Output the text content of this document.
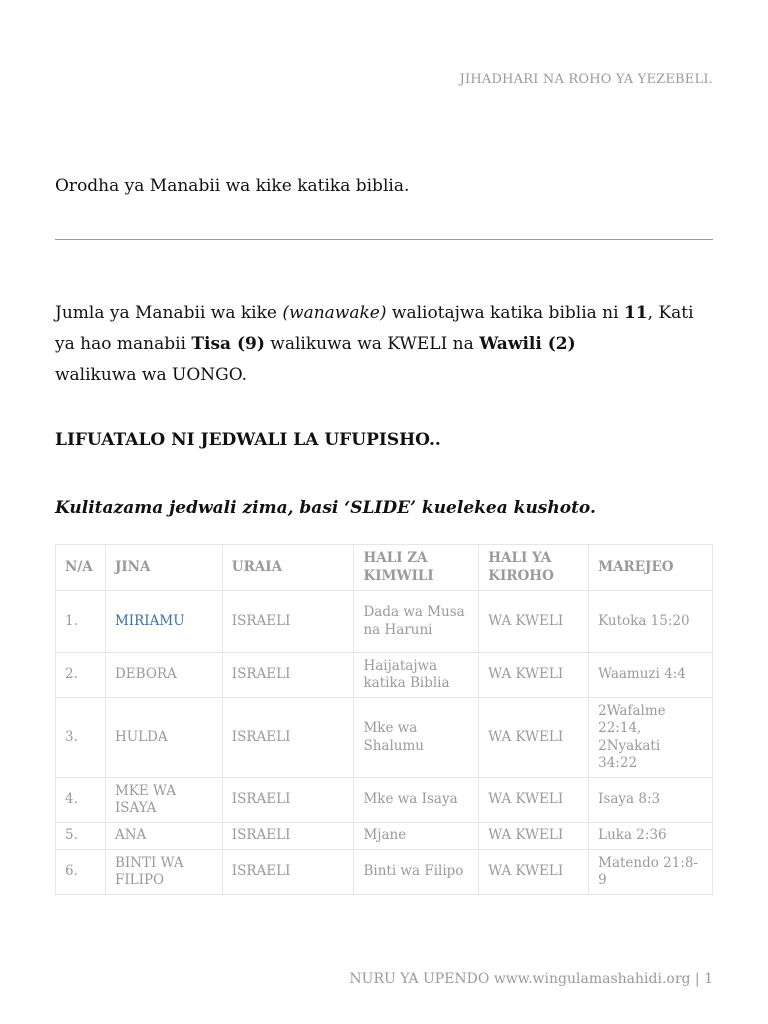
JIHADHARI NA ROHO YA YEZEBELI.
Orodha ya Manabii wa kike katika biblia.
Jumla ya Manabii wa kike (wanawake) waliotajwa katika biblia ni 11, Kati ya hao manabii Tisa (9) walikuwa wa KWELI na Wawili (2)
walikuwa wa UONGO.
LIFUATALO NI JEDWALI LA UFUPISHO..
Kulitazama jedwali zima, basi ‘SLIDE’ kuelekea kushoto.
N/A	JINA	URAIA	HALI ZA KIMWILI	HALI YA KIROHO	MAREJEO
1.	MIRIAMU	ISRAELI	Dada wa Musa na Haruni	WA KWELI	Kutoka 15:20
2.	DEBORA	ISRAELI	Haijatajwa katika Biblia	WA KWELI	Waamuzi 4:4
3.	HULDA	ISRAELI	Mke wa Shalumu	WA KWELI	2Wafalme 22:14, 2Nyakati 34:22
4.	MKE WA ISAYA	ISRAELI	Mke wa Isaya	WA KWELI	Isaya 8:3
5.	ANA	ISRAELI	Mjane	WA KWELI	Luka 2:36
6.	BINTI WA FILIPO	ISRAELI	Binti wa Filipo	WA KWELI	Matendo 21:8-9
NURU YA UPENDO www.wingulamashahidi.org | 1
